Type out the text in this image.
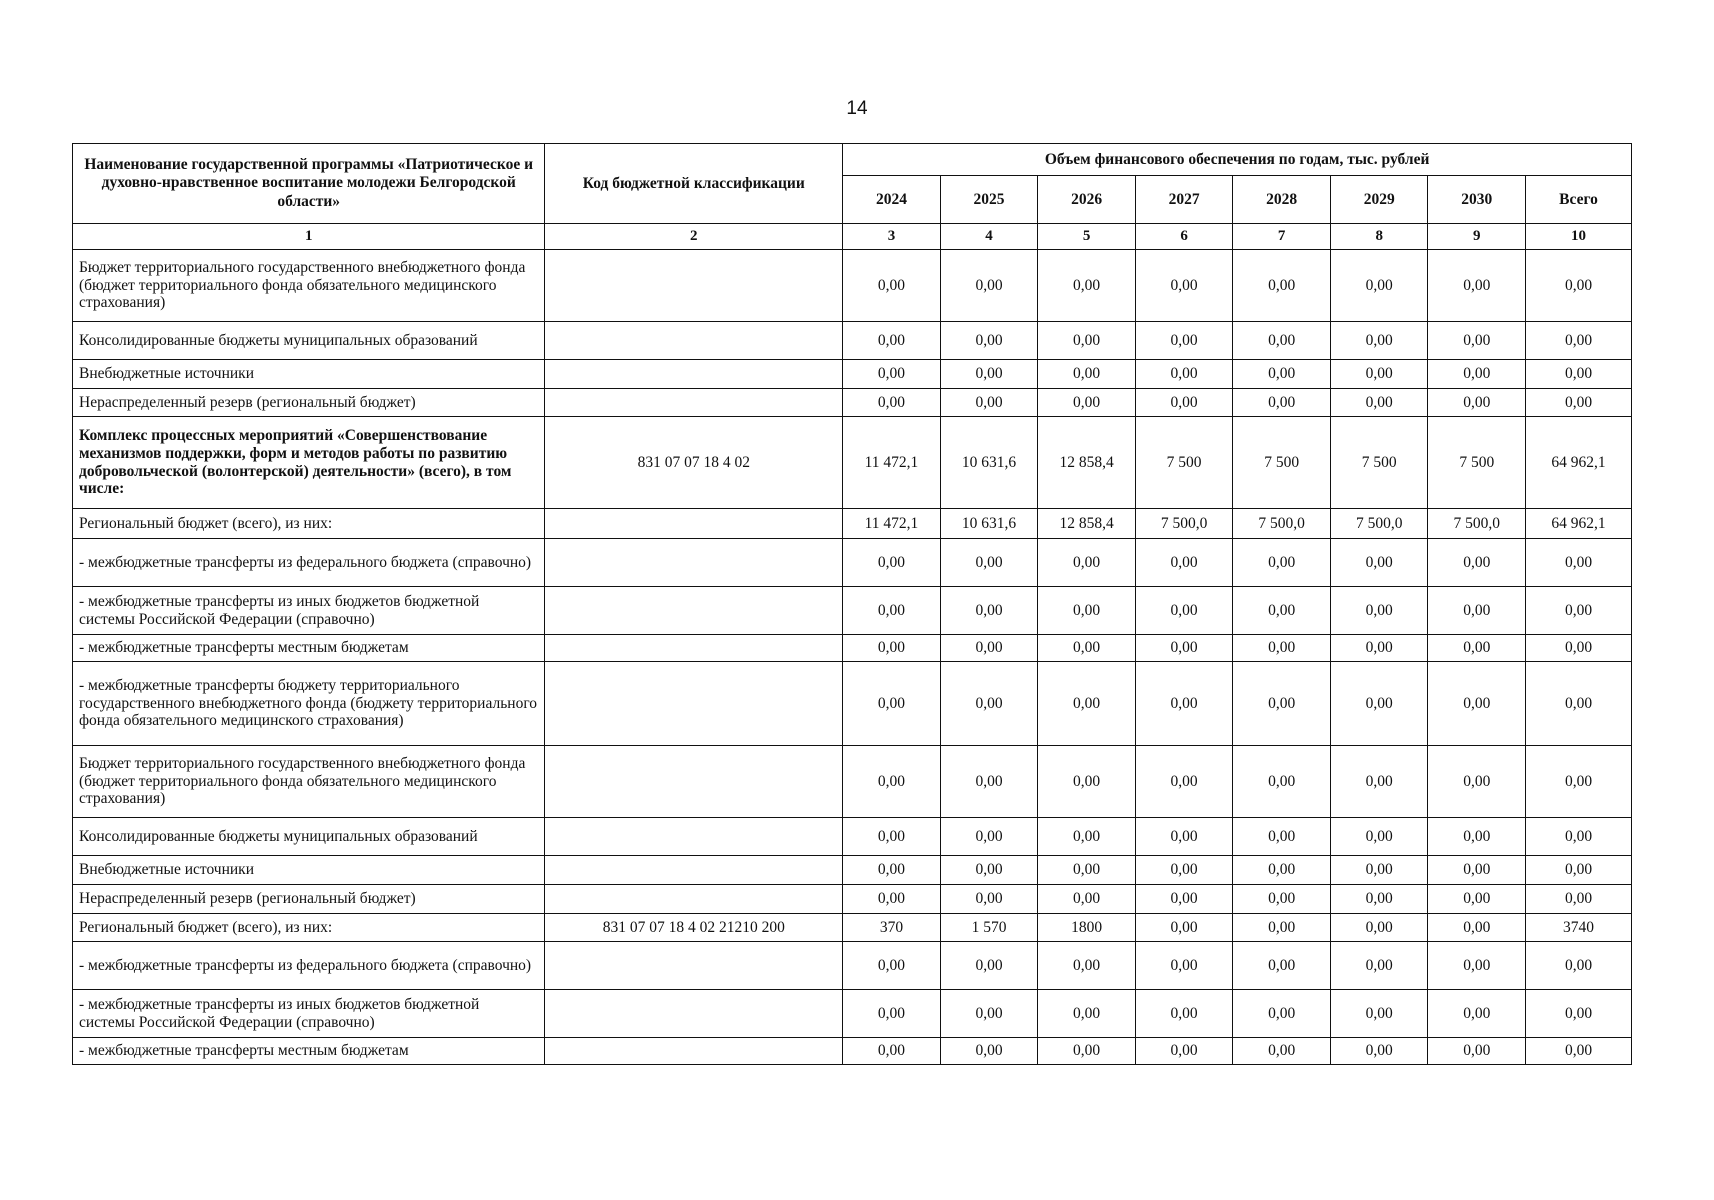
14
Наименование государственной программы «Патриотическое и духовно-нравственное воспитание молодежи Белгородской области»	Код бюджетной классификации	Объем финансового обеспечения по годам, тыс. рублей							
		2024	2025	2026	2027	2028	2029	2030	Всего
1	2	3	4	5	6	7	8	9	10
Бюджет территориального государственного внебюджетного фонда (бюджет территориального фонда обязательного медицинского страхования)		0,00	0,00	0,00	0,00	0,00	0,00	0,00	0,00
Консолидированные бюджеты муниципальных образований		0,00	0,00	0,00	0,00	0,00	0,00	0,00	0,00
Внебюджетные источники		0,00	0,00	0,00	0,00	0,00	0,00	0,00	0,00
Нераспределенный резерв (региональный бюджет)		0,00	0,00	0,00	0,00	0,00	0,00	0,00	0,00
Комплекс процессных мероприятий «Совершенствование механизмов поддержки, форм и методов работы по развитию добровольческой (волонтерской) деятельности» (всего), в том числе:	831 07 07 18 4 02	11 472,1	10 631,6	12 858,4	7 500	7 500	7 500	7 500	64 962,1
Региональный бюджет (всего), из них:		11 472,1	10 631,6	12 858,4	7 500,0	7 500,0	7 500,0	7 500,0	64 962,1
- межбюджетные трансферты из федерального бюджета (справочно)		0,00	0,00	0,00	0,00	0,00	0,00	0,00	0,00
- межбюджетные трансферты из иных бюджетов бюджетной системы Российской Федерации (справочно)		0,00	0,00	0,00	0,00	0,00	0,00	0,00	0,00
- межбюджетные трансферты местным бюджетам		0,00	0,00	0,00	0,00	0,00	0,00	0,00	0,00
- межбюджетные трансферты бюджету территориального государственного внебюджетного фонда (бюджету территориального фонда обязательного медицинского страхования)		0,00	0,00	0,00	0,00	0,00	0,00	0,00	0,00
Бюджет территориального государственного внебюджетного фонда (бюджет территориального фонда обязательного медицинского страхования)		0,00	0,00	0,00	0,00	0,00	0,00	0,00	0,00
Консолидированные бюджеты муниципальных образований		0,00	0,00	0,00	0,00	0,00	0,00	0,00	0,00
Внебюджетные источники		0,00	0,00	0,00	0,00	0,00	0,00	0,00	0,00
Нераспределенный резерв (региональный бюджет)		0,00	0,00	0,00	0,00	0,00	0,00	0,00	0,00
Региональный бюджет (всего), из них:	831 07 07 18 4 02 21210 200	370	1 570	1800	0,00	0,00	0,00	0,00	3740
- межбюджетные трансферты из федерального бюджета (справочно)		0,00	0,00	0,00	0,00	0,00	0,00	0,00	0,00
- межбюджетные трансферты из иных бюджетов бюджетной системы Российской Федерации (справочно)		0,00	0,00	0,00	0,00	0,00	0,00	0,00	0,00
- межбюджетные трансферты местным бюджетам		0,00	0,00	0,00	0,00	0,00	0,00	0,00	0,00
